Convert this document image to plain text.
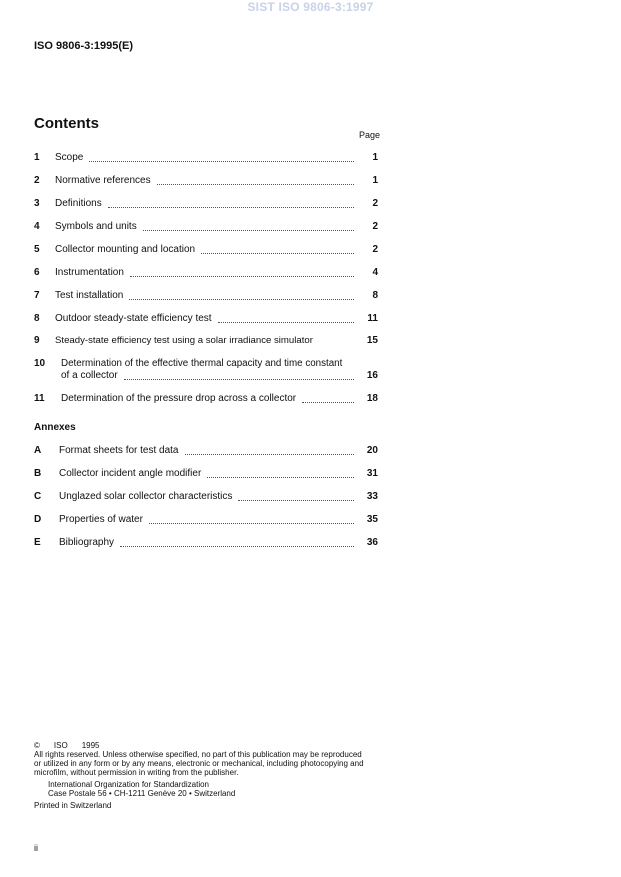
SIST ISO 9806-3:1997
ISO 9806-3:1995(E)
Contents
Page
1	Scope	1
2	Normative references	1
3	Definitions	2
4	Symbols and units	2
5	Collector mounting and location	2
6	Instrumentation	4
7	Test installation	8
8	Outdoor steady-state efficiency test	11
9	Steady-state efficiency test using a solar irradiance simulator	15
10	Determination of the effective thermal capacity and time constant
of a collector	16
11	Determination of the pressure drop across a collector	18
Annexes
A	Format sheets for test data	20
B	Collector incident angle modifier	31
C	Unglazed solar collector characteristics	33
D	Properties of water	35
E	Bibliography	36
© ISO 1995
All rights reserved. Unless otherwise specified, no part of this publication may be reproduced
or utilized in any form or by any means, electronic or mechanical, including photocopying and
microfilm, without permission in writing from the publisher.
International Organization for Standardization
Case Postale 56 • CH-1211 Genève 20 • Switzerland
Printed in Switzerland
ii
